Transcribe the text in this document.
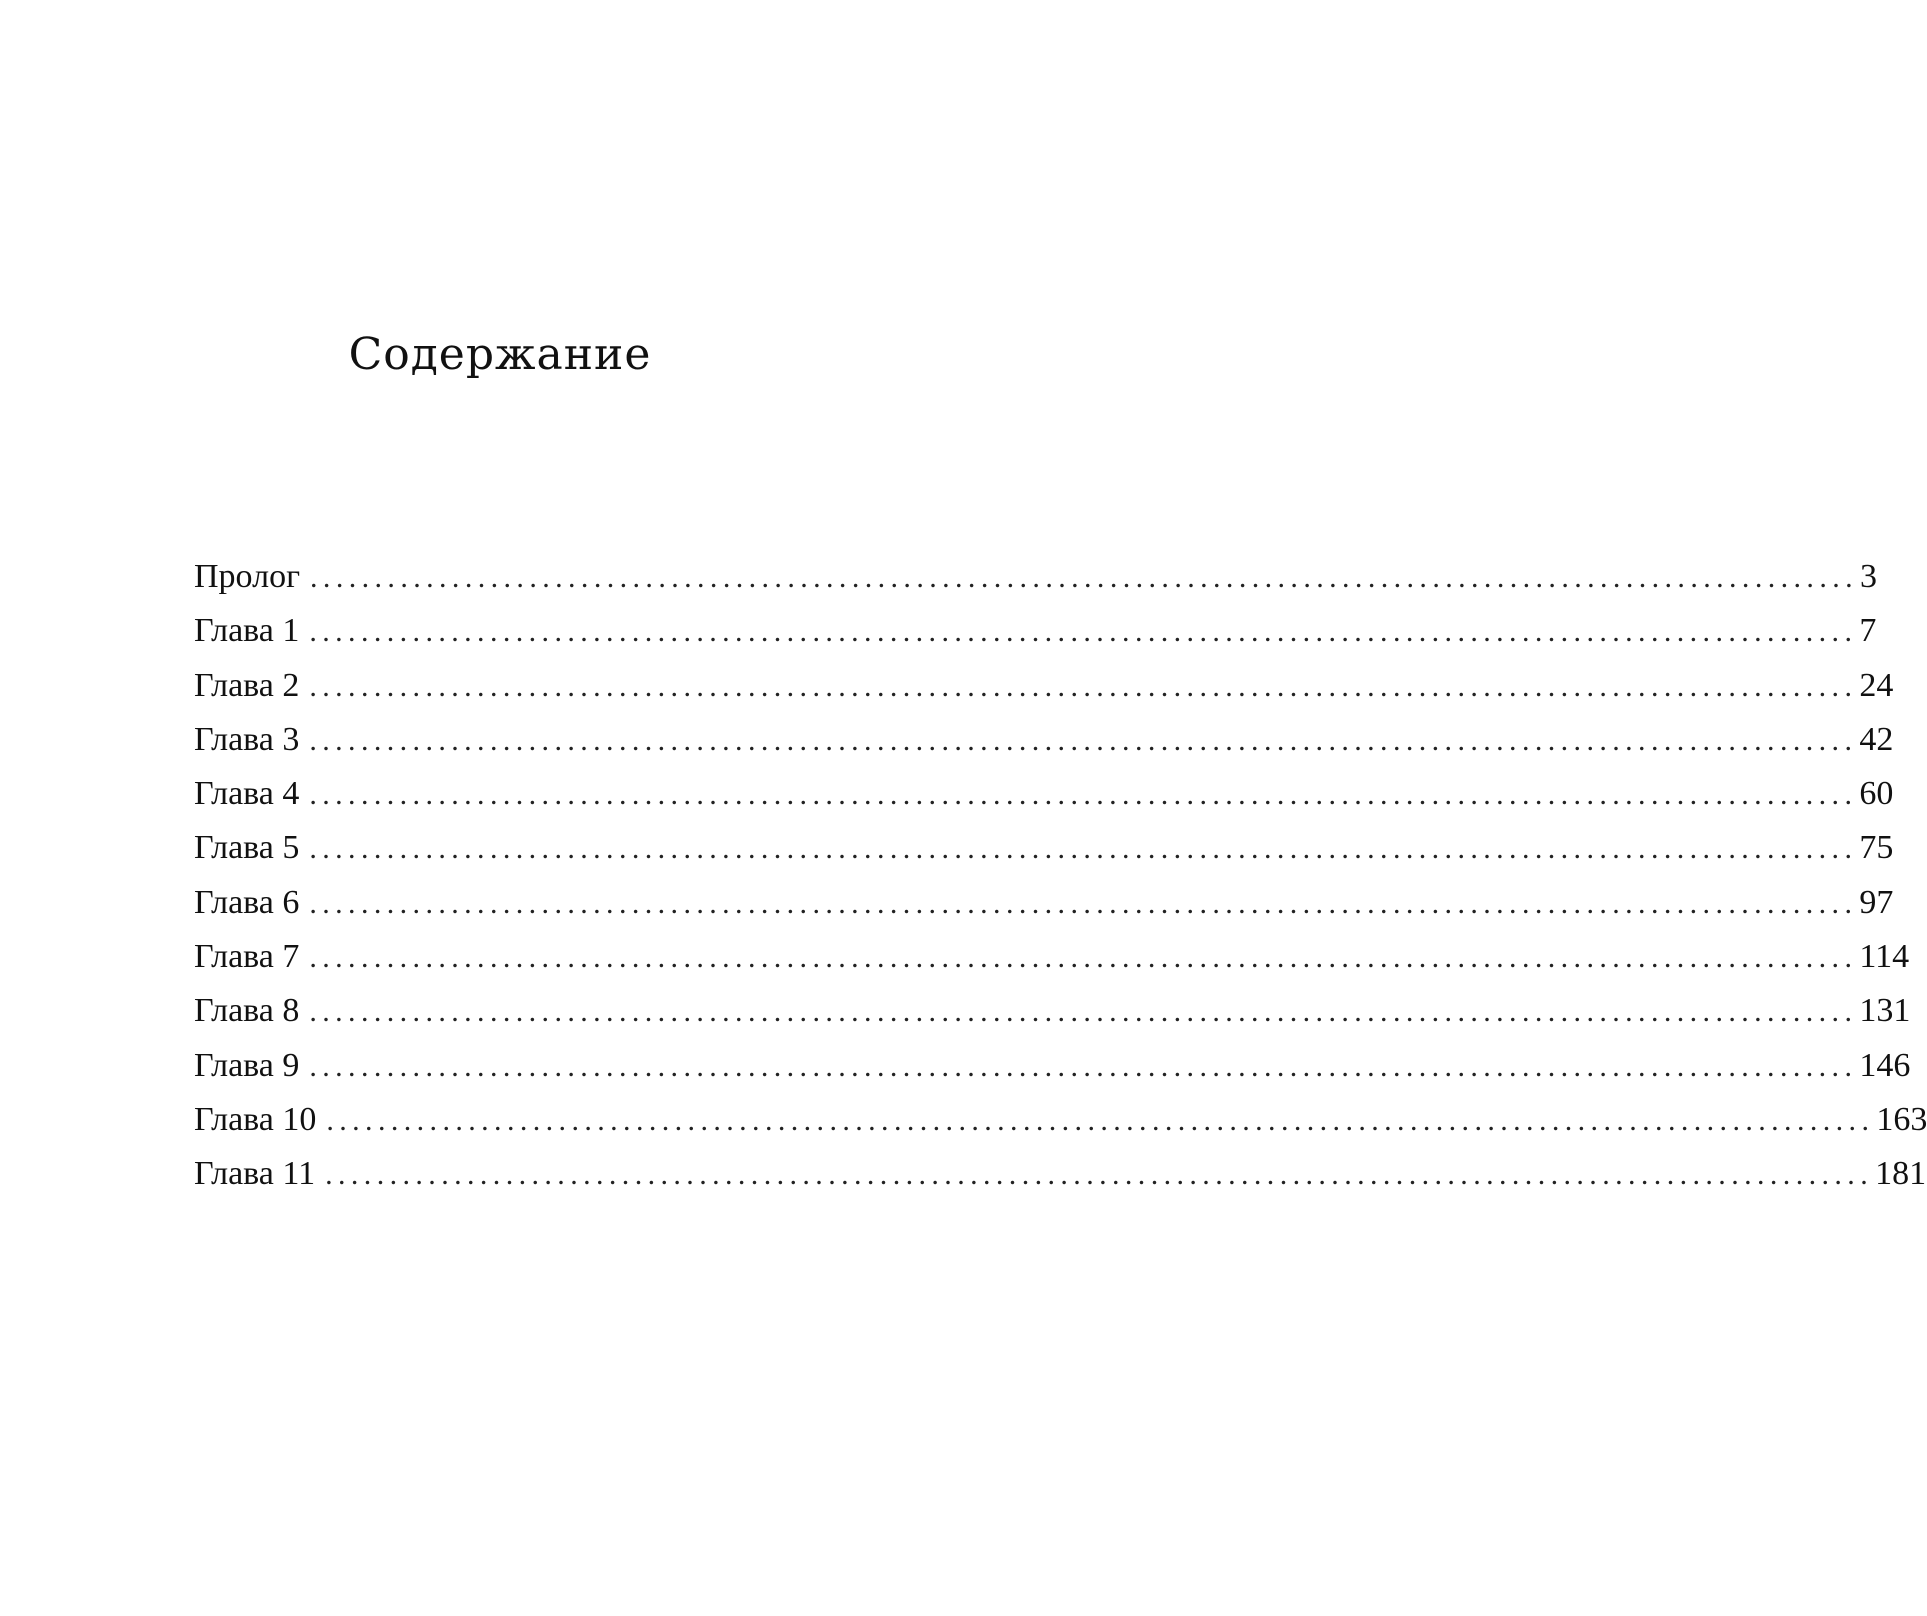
Содержание
Пролог ........................................................................................................................ 3
Глава 1 ........................................................................................................................ 7
Глава 2 ........................................................................................................................ 24
Глава 3 ........................................................................................................................ 42
Глава 4 ........................................................................................................................ 60
Глава 5 ........................................................................................................................ 75
Глава 6 ........................................................................................................................ 97
Глава 7 ........................................................................................................................ 114
Глава 8 ........................................................................................................................ 131
Глава 9 ........................................................................................................................ 146
Глава 10 ........................................................................................................................ 163
Глава 11 ........................................................................................................................ 181
